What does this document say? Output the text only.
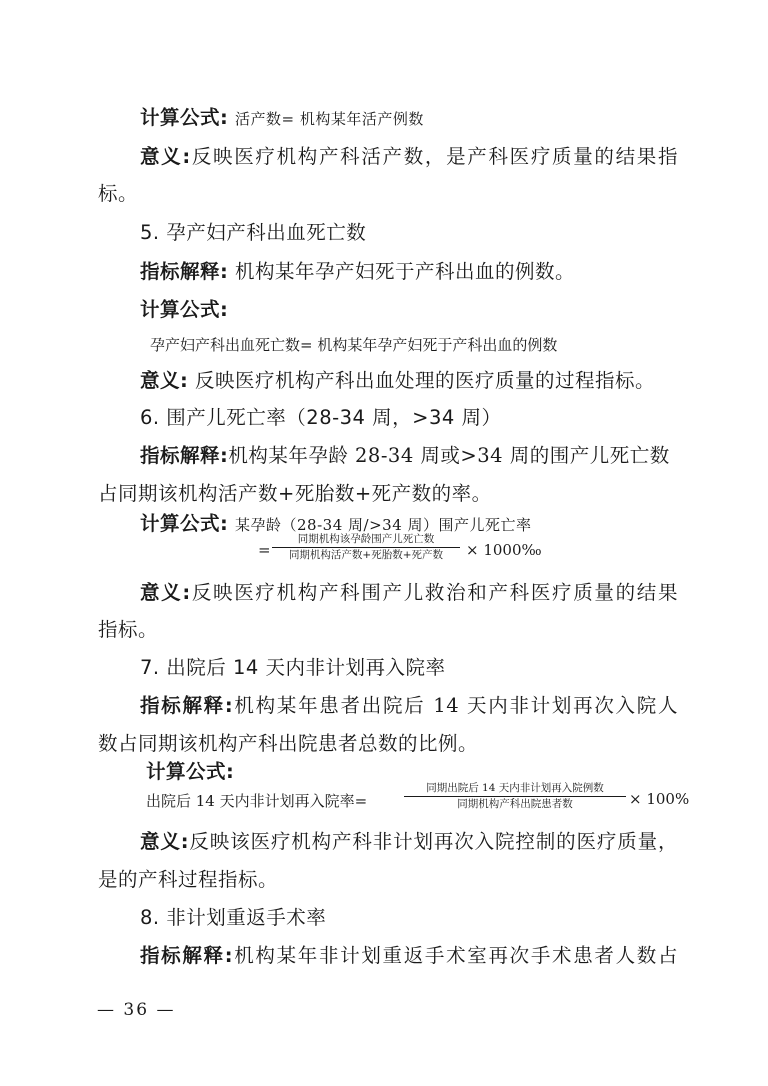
计算公式: 活产数= 机构某年活产例数
意义:反映医疗机构产科活产数，是产科医疗质量的结果指
标。
5. 孕产妇产科出血死亡数
指标解释: 机构某年孕产妇死于产科出血的例数。
计算公式:
孕产妇产科出血死亡数= 机构某年孕产妇死于产科出血的例数
意义: 反映医疗机构产科出血处理的医疗质量的过程指标。
6. 围产儿死亡率（28-34 周，>34 周）
指标解释:机构某年孕龄 28-34 周或>34 周的围产儿死亡数
占同期该机构活产数+死胎数+死产数的率。
计算公式: 某孕龄（28-34 周/>34 周）围产儿死亡率
=
同期机构该孕龄围产儿死亡数
同期机构活产数+死胎数+死产数	× 1000‰
意义:反映医疗机构产科围产儿救治和产科医疗质量的结果
指标。
7. 出院后 14 天内非计划再入院率
指标解释:机构某年患者出院后 14 天内非计划再次入院人
数占同期该机构产科出院患者总数的比例。
计算公式:
出院后 14 天内非计划再入院率=
同期出院后 14 天内非计划再入院例数
同期机构产科出院患者数	× 100%
意义:反映该医疗机构产科非计划再次入院控制的医疗质量，
是的产科过程指标。
8. 非计划重返手术率
指标解释:机构某年非计划重返手术室再次手术患者人数占
— 36 —
